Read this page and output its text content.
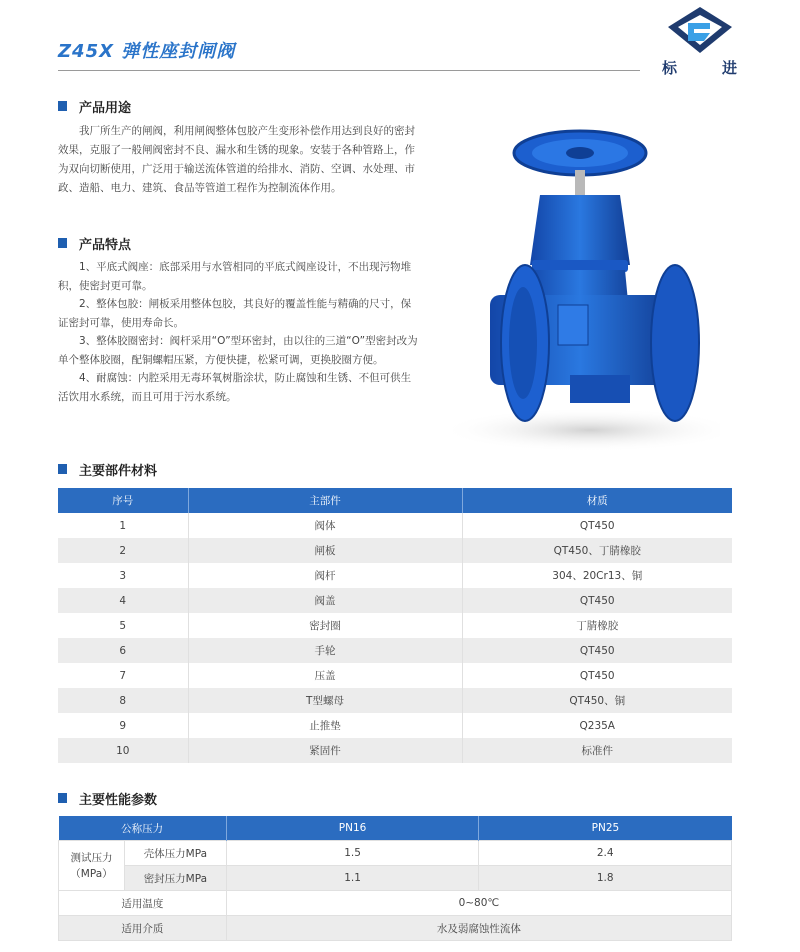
Z45X 弹性座封闸阀
标	进
产品用途
我厂所生产的闸阀，利用闸阀整体包胶产生变形补偿作用达到良好的密封效果，克服了一般闸阀密封不良、漏水和生锈的现象。安装于各种管路上，作为双向切断使用，广泛用于输送流体管道的给排水、消防、空调、水处理、市政、造船、电力、建筑、食品等管道工程作为控制流体作用。
产品特点

1、平底式阀座：底部采用与水管相同的平底式阀座设计，不出现污物堆积，使密封更可靠。

2、整体包胶：闸板采用整体包胶，其良好的覆盖性能与精确的尺寸，保证密封可靠，使用寿命长。

3、整体胶圈密封：阀杆采用“O”型环密封，由以往的三道“O”型密封改为单个整体胶圈，配铜螺帽压紧，方便快捷，松紧可调，更换胶圈方便。

4、耐腐蚀：内腔采用无毒环氧树脂涂状，防止腐蚀和生锈、不但可供生活饮用水系统，而且可用于污水系统。

主要部件材料
序号	主部件	材质
1	阀体	QT450
2	闸板	QT450、丁腈橡胶
3	阀杆	304、20Cr13、铜
4	阀盖	QT450
5	密封圈	丁腈橡胶
6	手轮	QT450
7	压盖	QT450
8	T型螺母	QT450、铜
9	止推垫	Q235A
10	紧固件	标准件
主要性能参数
公称压力		PN16	PN25
测试压力（MPa）	壳体压力MPa	1.5	2.4
	密封压力MPa	1.1	1.8
适用温度		0~80℃	
适用介质		水及弱腐蚀性流体	
